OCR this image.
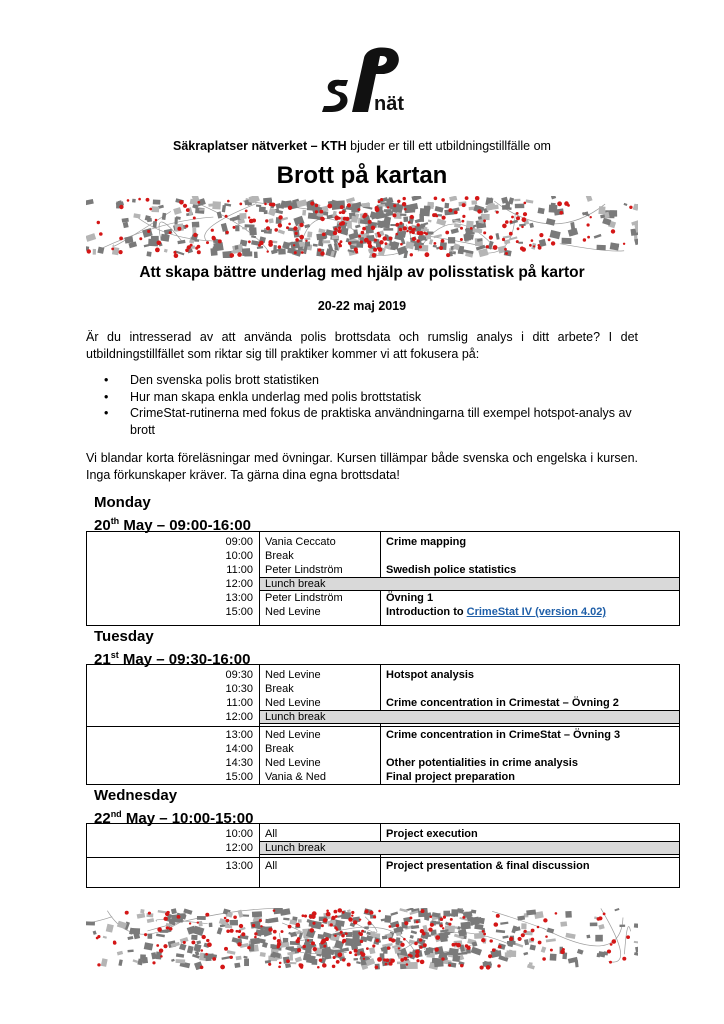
nät
Säkraplatser nätverket – KTH bjuder er till ett utbildningstillfälle om
Brott på kartan
Att skapa bättre underlag med hjälp av polisstatisk på kartor
20-22 maj 2019
Är du intresserad av att använda polis brottsdata och rumslig analys i ditt arbete? I det utbildningstillfället som riktar sig till praktiker kommer vi att fokusera på:
• Den svenska polis brott statistiken
• Hur man skapa enkla underlag med polis brottstatisk
• CrimeStat-rutinerna med fokus de praktiska användningarna till exempel hotspot-analys av brott
Vi blandar korta föreläsningar med övningar. Kursen tillämpar både svenska och engelska i kursen. Inga förkunskaper kräver. Ta gärna dina egna brottsdata!
Monday
20th May – 09:00-16:00
09:00 Vania Ceccato	Crime mapping
10:00 Break
11:00 Peter Lindström	Swedish police statistics
12:00	Lunch break
13:00 Peter Lindström	Övning 1
15:00 Ned Levine	Introduction to CrimeStat IV (version 4.02)
Tuesday
21st May – 09:30-16:00
09:30 Ned Levine	Hotspot analysis
10:30 Break
11:00 Ned Levine	Crime concentration in Crimestat – Övning 2
12:00	Lunch break
13:00 Ned Levine	Crime concentration in CrimeStat – Övning 3
14:00 Break
14:30 Ned Levine	Other potentialities in crime analysis
15:00 Vania & Ned	Final project preparation
Wednesday
22nd May – 10:00-15:00
10:00 All	Project execution
12:00	Lunch break
13:00 All	Project presentation & final discussion
